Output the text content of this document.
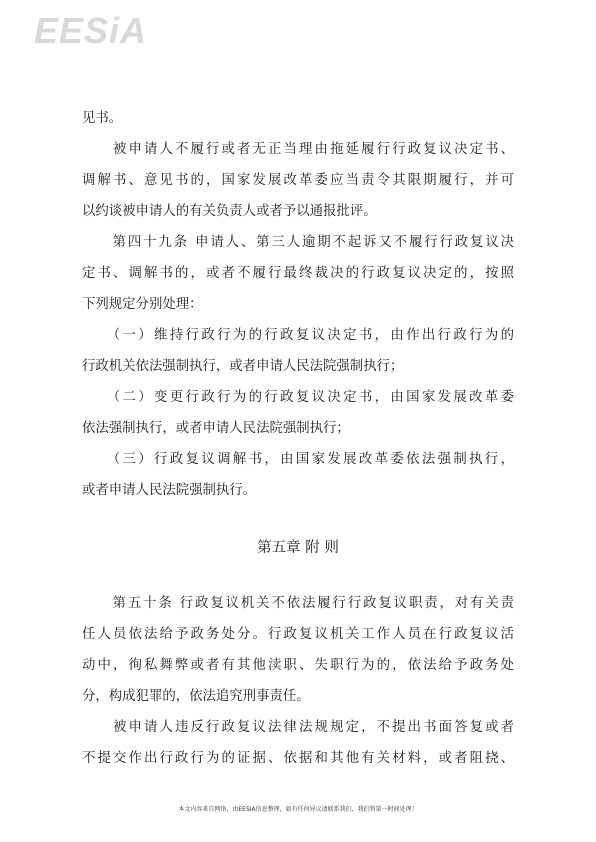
EESiA
见书。
　　被申请人不履行或者无正当理由拖延履行行政复议决定书、
调解书、意见书的，国家发展改革委应当责令其限期履行，并可
以约谈被申请人的有关负责人或者予以通报批评。
　　第四十九条 申请人、第三人逾期不起诉又不履行行政复议决
定书、调解书的，或者不履行最终裁决的行政复议决定的，按照
下列规定分别处理：
　　（一）维持行政行为的行政复议决定书，由作出行政行为的
行政机关依法强制执行，或者申请人民法院强制执行；
　　（二）变更行政行为的行政复议决定书，由国家发展改革委
依法强制执行，或者申请人民法院强制执行；
　　（三）行政复议调解书，由国家发展改革委依法强制执行，
或者申请人民法院强制执行。
第五章 附 则
　　第五十条 行政复议机关不依法履行行政复议职责，对有关责
任人员依法给予政务处分。行政复议机关工作人员在行政复议活
动中，徇私舞弊或者有其他渎职、失职行为的，依法给予政务处
分，构成犯罪的，依法追究刑事责任。
　　被申请人违反行政复议法律法规规定，不提出书面答复或者
不提交作出行政行为的证据、依据和其他有关材料，或者阻挠、
本文内容来自网络，由EESIA信息整理，如有任何异议请联系我们，我们将第一时间处理！
